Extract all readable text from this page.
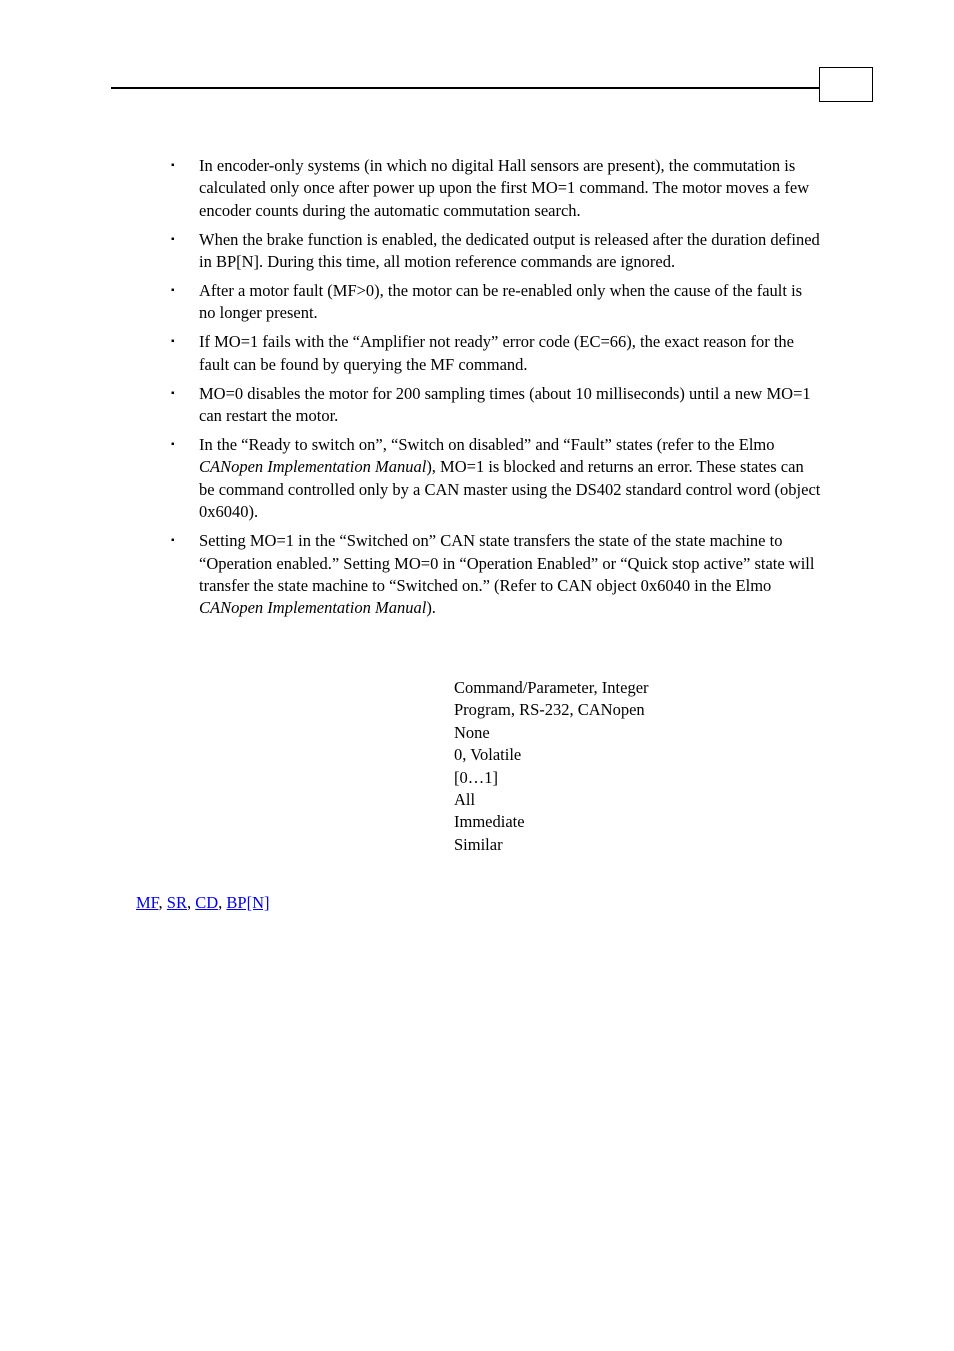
▪ In encoder-only systems (in which no digital Hall sensors are present), the commutation is calculated only once after power up upon the first MO=1 command. The motor moves a few encoder counts during the automatic commutation search.
▪ When the brake function is enabled, the dedicated output is released after the duration defined in BP[N]. During this time, all motion reference commands are ignored.
▪ After a motor fault (MF>0), the motor can be re-enabled only when the cause of the fault is no longer present.
▪ If MO=1 fails with the “Amplifier not ready” error code (EC=66), the exact reason for the fault can be found by querying the MF command.
▪ MO=0 disables the motor for 200 sampling times (about 10 milliseconds) until a new MO=1 can restart the motor.
▪ In the “Ready to switch on”, “Switch on disabled” and “Fault” states (refer to the Elmo CANopen Implementation Manual), MO=1 is blocked and returns an error. These states can be command controlled only by a CAN master using the DS402 standard control word (object 0x6040).
▪ Setting MO=1 in the “Switched on” CAN state transfers the state of the state machine to “Operation enabled.” Setting MO=0 in “Operation Enabled” or “Quick stop active” state will transfer the state machine to “Switched on.” (Refer to CAN object 0x6040 in the Elmo CANopen Implementation Manual).
Command/Parameter, Integer
Program, RS-232, CANopen
None
0, Volatile
[0…1]
All
Immediate
Similar
MF, SR, CD, BP[N]
